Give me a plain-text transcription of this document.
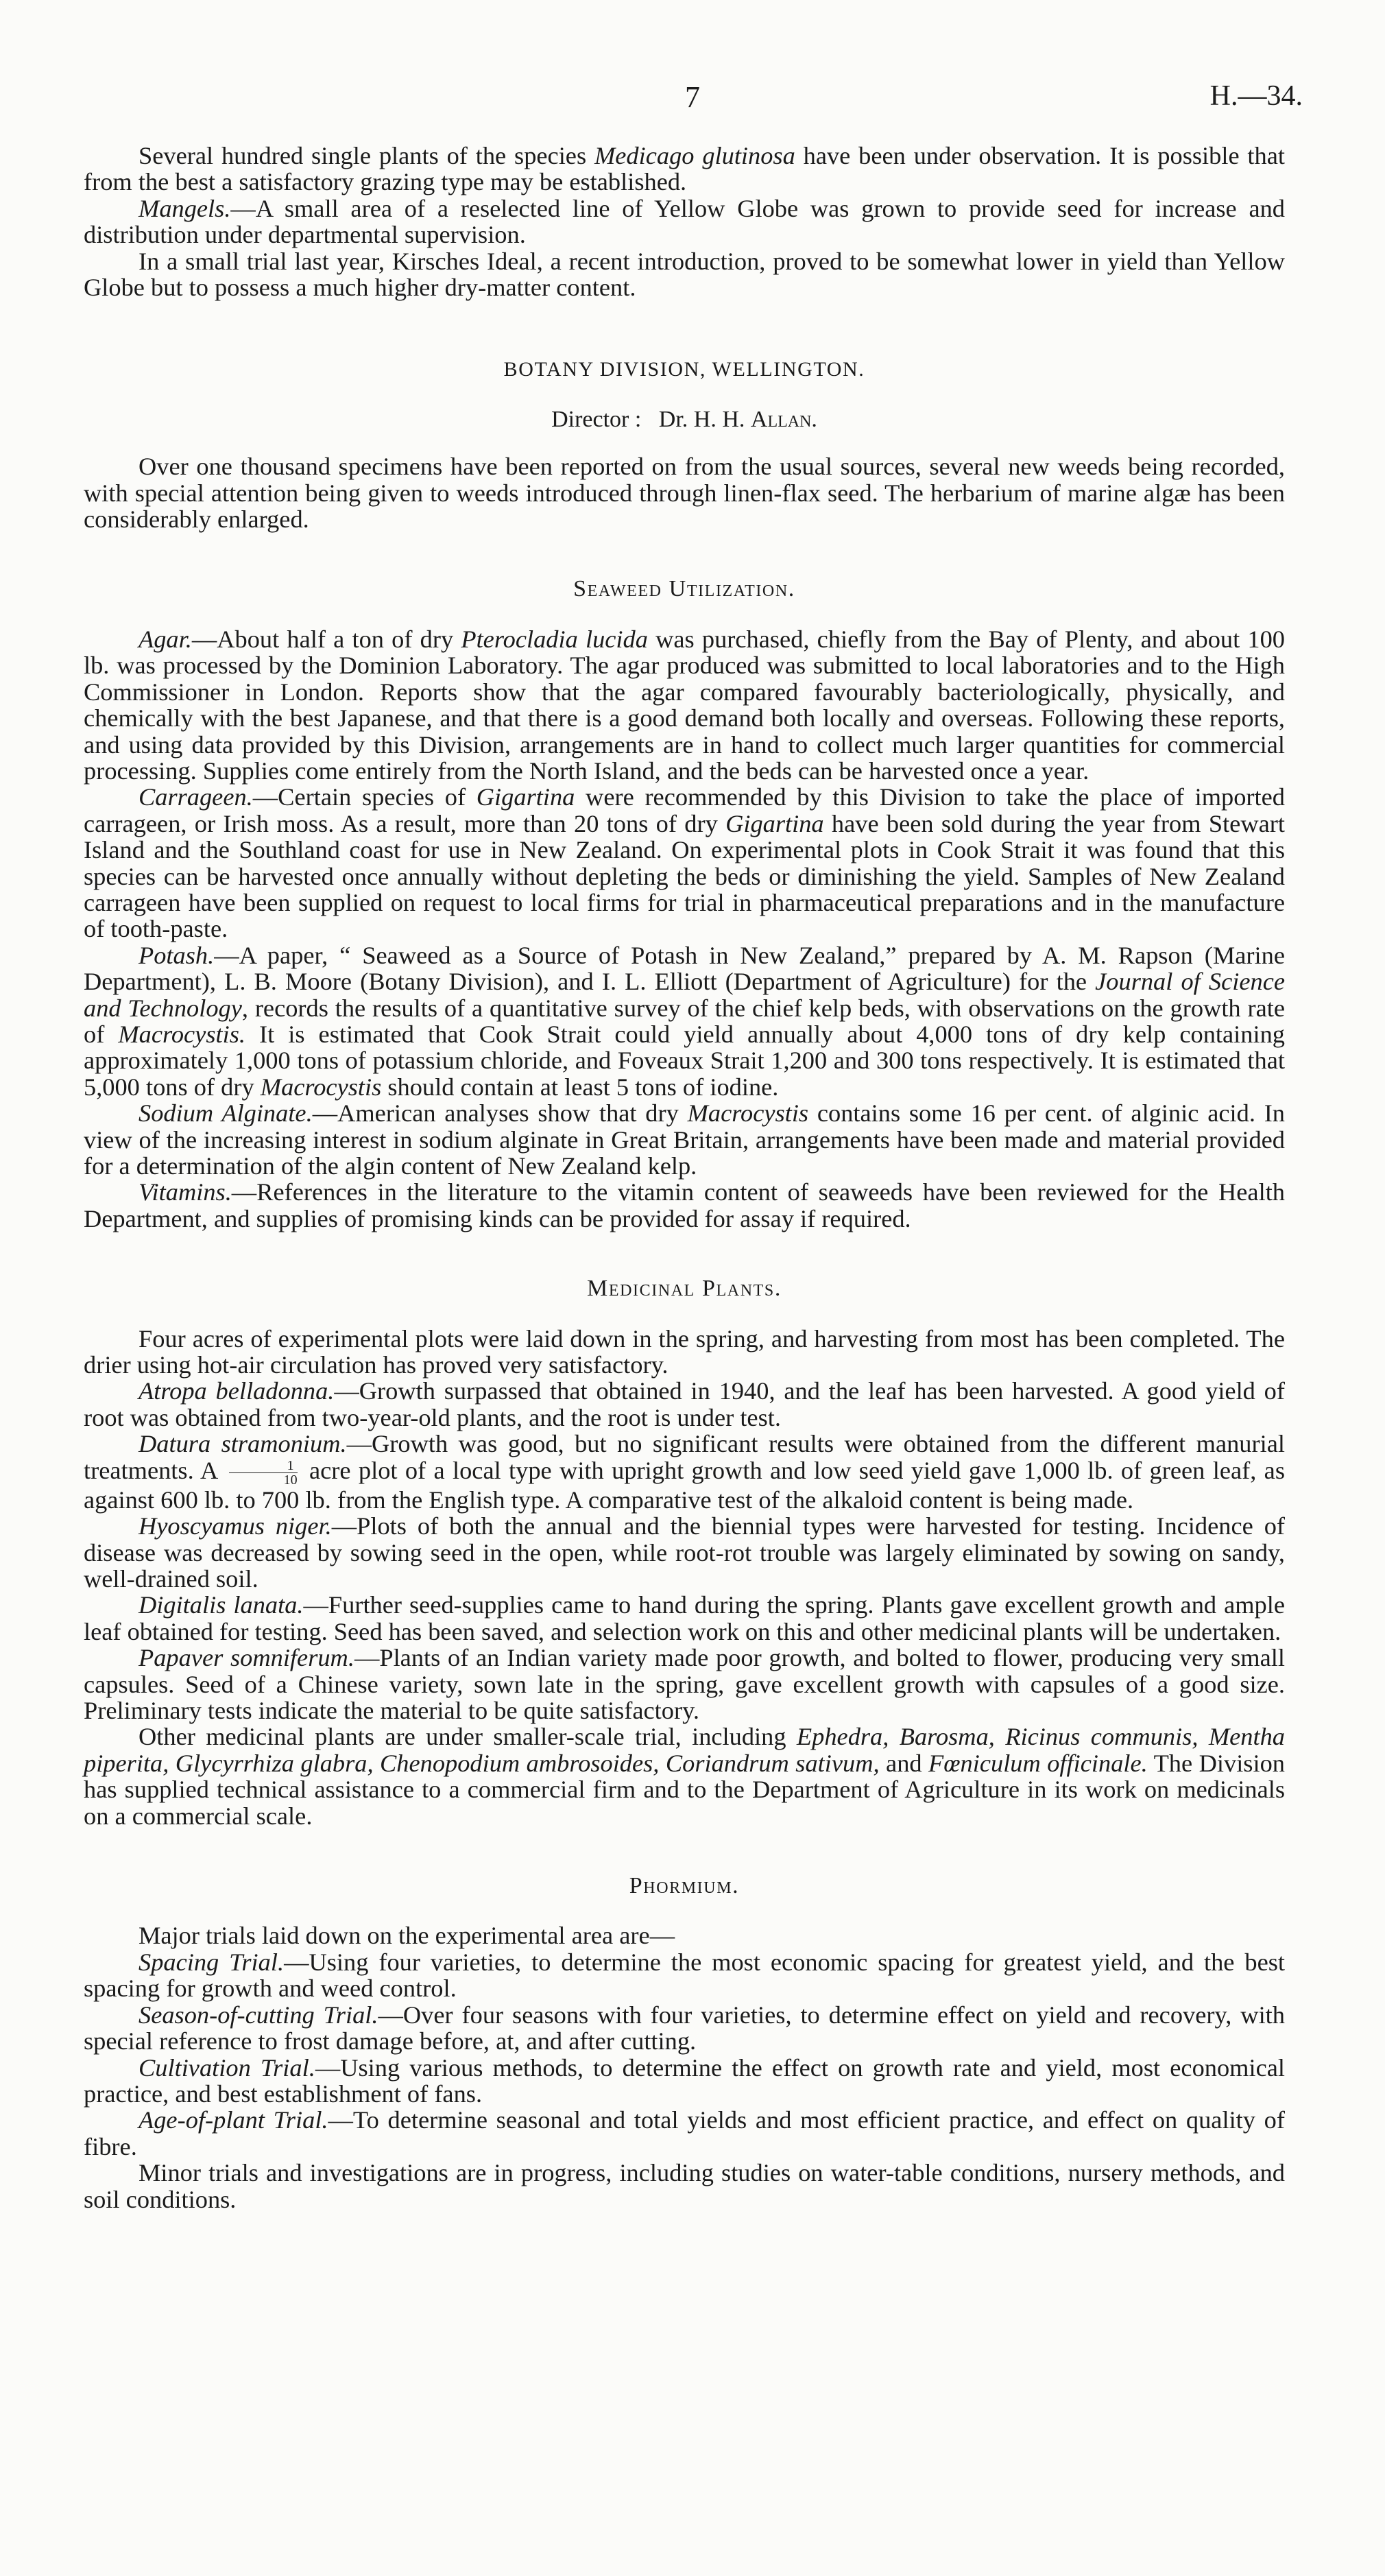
7	H.—34.

Several hundred single plants of the species Medicago glutinosa have been under observation. It is possible that from the best a satisfactory grazing type may be established.

Mangels.—A small area of a reselected line of Yellow Globe was grown to provide seed for increase and distribution under departmental supervision.

In a small trial last year, Kirsches Ideal, a recent introduction, proved to be somewhat lower in yield than Yellow Globe but to possess a much higher dry-matter content.

BOTANY DIVISION, WELLINGTON.
Director : Dr. H. H. Allan.

Over one thousand specimens have been reported on from the usual sources, several new weeds being recorded, with special attention being given to weeds introduced through linen-flax seed. The herbarium of marine algæ has been considerably enlarged.

Seaweed Utilization.

Agar.—About half a ton of dry Pterocladia lucida was purchased, chiefly from the Bay of Plenty, and about 100 lb. was processed by the Dominion Laboratory. The agar produced was submitted to local laboratories and to the High Commissioner in London. Reports show that the agar compared favourably bacteriologically, physically, and chemically with the best Japanese, and that there is a good demand both locally and overseas. Following these reports, and using data provided by this Division, arrangements are in hand to collect much larger quantities for commercial processing. Supplies come entirely from the North Island, and the beds can be harvested once a year.

Carrageen.—Certain species of Gigartina were recommended by this Division to take the place of imported carrageen, or Irish moss. As a result, more than 20 tons of dry Gigartina have been sold during the year from Stewart Island and the Southland coast for use in New Zealand. On experimental plots in Cook Strait it was found that this species can be harvested once annually without depleting the beds or diminishing the yield. Samples of New Zealand carrageen have been supplied on request to local firms for trial in pharmaceutical preparations and in the manufacture of tooth-paste.

Potash.—A paper, “ Seaweed as a Source of Potash in New Zealand,” prepared by A. M. Rapson (Marine Department), L. B. Moore (Botany Division), and I. L. Elliott (Department of Agriculture) for the Journal of Science and Technology, records the results of a quantitative survey of the chief kelp beds, with observations on the growth rate of Macrocystis. It is estimated that Cook Strait could yield annually about 4,000 tons of dry kelp containing approximately 1,000 tons of potassium chloride, and Foveaux Strait 1,200 and 300 tons respectively. It is estimated that 5,000 tons of dry Macrocystis should contain at least 5 tons of iodine.

Sodium Alginate.—American analyses show that dry Macrocystis contains some 16 per cent. of alginic acid. In view of the increasing interest in sodium alginate in Great Britain, arrangements have been made and material provided for a determination of the algin content of New Zealand kelp.

Vitamins.—References in the literature to the vitamin content of seaweeds have been reviewed for the Health Department, and supplies of promising kinds can be provided for assay if required.

Medicinal Plants.

Four acres of experimental plots were laid down in the spring, and harvesting from most has been completed. The drier using hot-air circulation has proved very satisfactory.

Atropa belladonna.—Growth surpassed that obtained in 1940, and the leaf has been harvested. A good yield of root was obtained from two-year-old plants, and the root is under test.

Datura stramonium.—Growth was good, but no significant results were obtained from the different manurial treatments. A $\frac{1}{10}$ acre plot of a local type with upright growth and low seed yield gave 1,000 lb. of green leaf, as against 600 lb. to 700 lb. from the English type. A comparative test of the alkaloid content is being made.

Hyoscyamus niger.—Plots of both the annual and the biennial types were harvested for testing. Incidence of disease was decreased by sowing seed in the open, while root-rot trouble was largely eliminated by sowing on sandy, well-drained soil.

Digitalis lanata.—Further seed-supplies came to hand during the spring. Plants gave excellent growth and ample leaf obtained for testing. Seed has been saved, and selection work on this and other medicinal plants will be undertaken.

Papaver somniferum.—Plants of an Indian variety made poor growth, and bolted to flower, producing very small capsules. Seed of a Chinese variety, sown late in the spring, gave excellent growth with capsules of a good size. Preliminary tests indicate the material to be quite satisfactory.

Other medicinal plants are under smaller-scale trial, including Ephedra, Barosma, Ricinus communis, Mentha piperita, Glycyrrhiza glabra, Chenopodium ambrosoides, Coriandrum sativum, and Fœniculum officinale. The Division has supplied technical assistance to a commercial firm and to the Department of Agriculture in its work on medicinals on a commercial scale.

Phormium.

Major trials laid down on the experimental area are—

Spacing Trial.—Using four varieties, to determine the most economic spacing for greatest yield, and the best spacing for growth and weed control.

Season-of-cutting Trial.—Over four seasons with four varieties, to determine effect on yield and recovery, with special reference to frost damage before, at, and after cutting.

Cultivation Trial.—Using various methods, to determine the effect on growth rate and yield, most economical practice, and best establishment of fans.

Age-of-plant Trial.—To determine seasonal and total yields and most efficient practice, and effect on quality of fibre.

Minor trials and investigations are in progress, including studies on water-table conditions, nursery methods, and soil conditions.
